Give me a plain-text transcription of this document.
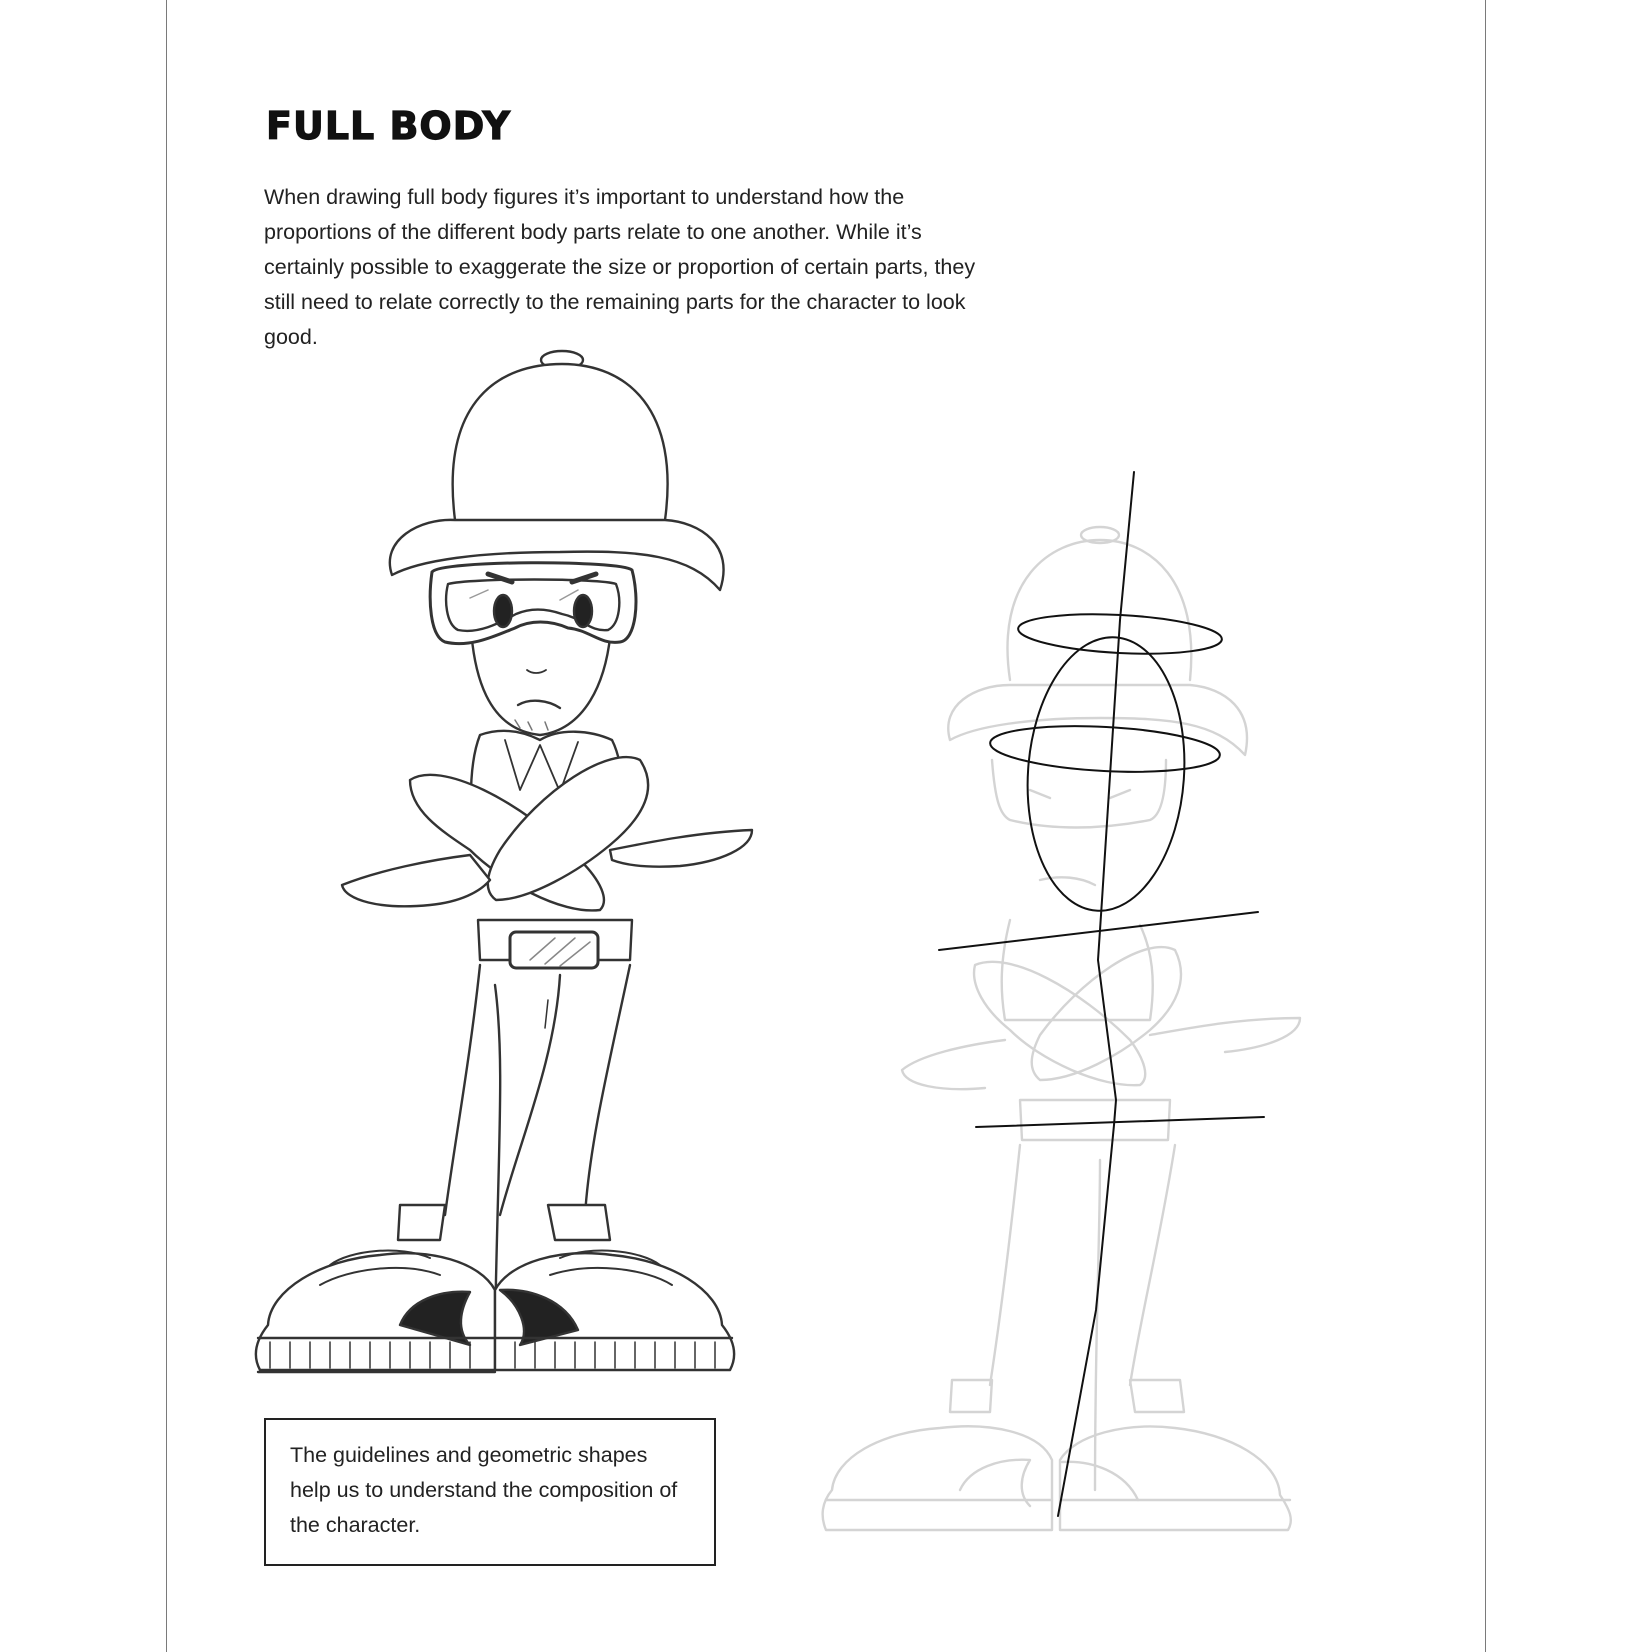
FULL BODY

When drawing full body figures it’s important to understand how the proportions of the different body parts relate to one another. While it’s certainly possible to exaggerate the size or proportion of certain parts, they still need to relate correctly to the remaining parts for the character to look good.

The guidelines and geometric shapes help us to understand the composition of the character.
